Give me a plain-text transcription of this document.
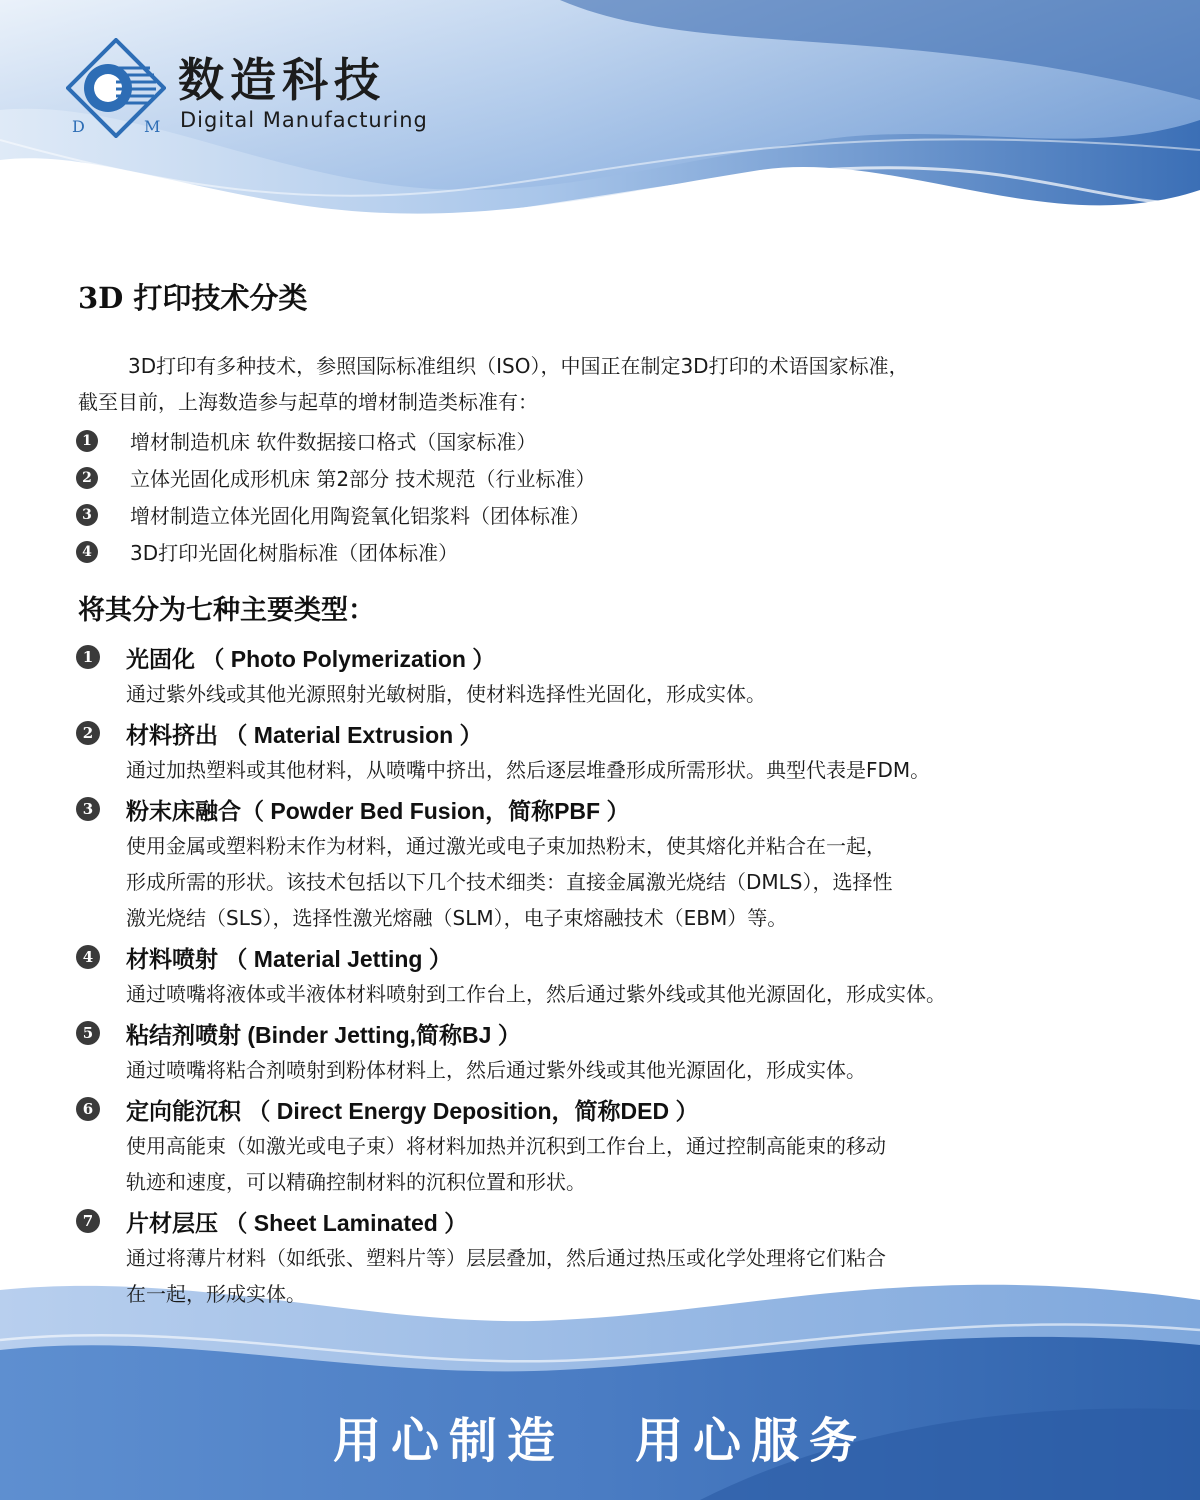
D	M
数造科技
Digital Manufacturing
3D 打印技术分类

3D打印有多种技术，参照国际标准组织（ISO），中国正在制定3D打印的术语国家标准，

截至目前，上海数造参与起草的增材制造类标准有：

1	增材制造机床 软件数据接口格式（国家标准）
2	立体光固化成形机床 第2部分 技术规范（行业标准）
3	增材制造立体光固化用陶瓷氧化铝浆料（团体标准）
4	3D打印光固化树脂标准（团体标准）
将其分为七种主要类型：
1 光固化 （ Photo Polymerization ）

通过紫外线或其他光源照射光敏树脂，使材料选择性光固化，形成实体。

2 材料挤出 （ Material Extrusion ）

通过加热塑料或其他材料，从喷嘴中挤出，然后逐层堆叠形成所需形状。典型代表是FDM。

3 粉末床融合（ Powder Bed Fusion，简称PBF ）

使用金属或塑料粉末作为材料，通过激光或电子束加热粉末，使其熔化并粘合在一起，

形成所需的形状。该技术包括以下几个技术细类：直接金属激光烧结（DMLS），选择性

激光烧结（SLS），选择性激光熔融（SLM），电子束熔融技术（EBM）等。

4 材料喷射 （ Material Jetting ）

通过喷嘴将液体或半液体材料喷射到工作台上，然后通过紫外线或其他光源固化，形成实体。

5 粘结剂喷射 (Binder Jetting,简称BJ ）

通过喷嘴将粘合剂喷射到粉体材料上，然后通过紫外线或其他光源固化，形成实体。

6 定向能沉积 （ Direct Energy Deposition，简称DED ）

使用高能束（如激光或电子束）将材料加热并沉积到工作台上，通过控制高能束的移动

轨迹和速度，可以精确控制材料的沉积位置和形状。

7 片材层压 （ Sheet Laminated ）

通过将薄片材料（如纸张、塑料片等）层层叠加，然后通过热压或化学处理将它们粘合

在一起，形成实体。

用心制造 用心服务
